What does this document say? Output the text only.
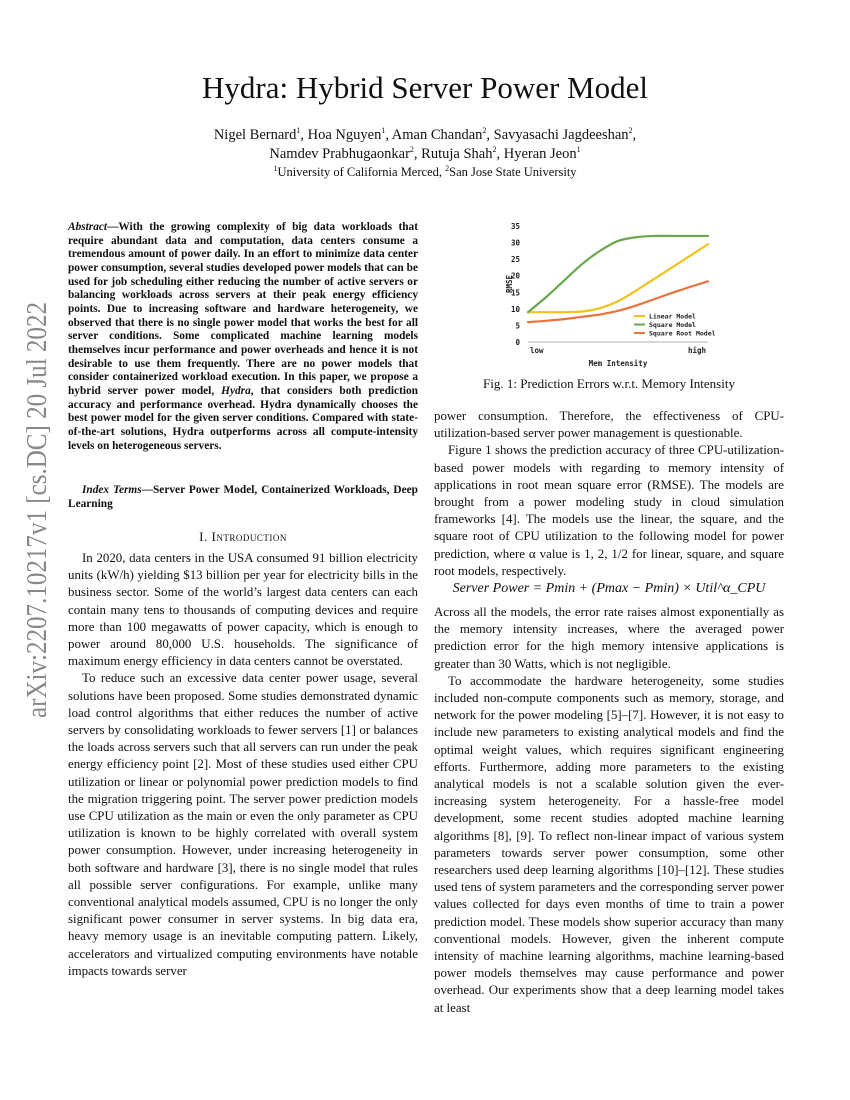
arXiv:2207.10217v1 [cs.DC] 20 Jul 2022
Hydra: Hybrid Server Power Model
Nigel Bernard$^1$, Hoa Nguyen$^1$, Aman Chandan$^2$, Savyasachi Jagdeeshan$^2$,
Namdev Prabhugaonkar$^2$, Rutuja Shah$^2$, Hyeran Jeon$^1$
$^1$University of California Merced, $^2$San Jose State University
Abstract—With the growing complexity of big data workloads that require abundant data and computation, data centers consume a tremendous amount of power daily. In an effort to minimize data center power consumption, several studies developed power models that can be used for job scheduling either reducing the number of active servers or balancing workloads across servers at their peak energy efficiency points. Due to increasing software and hardware heterogeneity, we observed that there is no single power model that works the best for all server conditions. Some complicated machine learning models themselves incur performance and power overheads and hence it is not desirable to use them frequently. There are no power models that consider containerized workload execution. In this paper, we propose a hybrid server power model, Hydra, that considers both prediction accuracy and performance overhead. Hydra dynamically chooses the best power model for the given server conditions. Compared with state-of-the-art solutions, Hydra outperforms across all compute-intensity levels on heterogeneous servers.
Index Terms—Server Power Model, Containerized Workloads, Deep Learning
I. Introduction

In 2020, data centers in the USA consumed 91 billion electricity units (kW/h) yielding $13 billion per year for electricity bills in the business sector. Some of the world’s largest data centers can each contain many tens to thousands of computing devices and require more than 100 megawatts of power capacity, which is enough to power around 80,000 U.S. households. The significance of maximum energy efficiency in data centers cannot be overstated.

To reduce such an excessive data center power usage, several solutions have been proposed. Some studies demonstrated dynamic load control algorithms that either reduces the number of active servers by consolidating workloads to fewer servers [1] or balances the loads across servers such that all servers can run under the peak energy efficiency point [2]. Most of these studies used either CPU utilization or linear or polynomial power prediction models to find the migration triggering point. The server power prediction models use CPU utilization as the main or even the only parameter as CPU utilization is known to be highly correlated with overall system power consumption. However, under increasing heterogeneity in both software and hardware [3], there is no single model that rules all possible server configurations. For example, unlike many conventional analytical models assumed, CPU is no longer the only significant power consumer in server systems. In big data era, heavy memory usage is an inevitable computing pattern. Likely, accelerators and virtualized computing environments have notable impacts towards server

0
5
10
15
20
25
30
35
low	high
Mem Intensity
RMSE
Linear Model
Square Model
Square Root Model
Fig. 1: Prediction Errors w.r.t. Memory Intensity

power consumption. Therefore, the effectiveness of CPU-utilization-based server power management is questionable.

Figure 1 shows the prediction accuracy of three CPU-utilization-based power models with regarding to memory intensity of applications in root mean square error (RMSE). The models are brought from a power modeling study in cloud simulation frameworks [4]. The models use the linear, the square, and the square root of CPU utilization to the following model for power prediction, where α value is 1, 2, 1/2 for linear, square, and square root models, respectively.

Server Power = Pmin + (Pmax − Pmin) × Util^α_CPU

Across all the models, the error rate raises almost exponentially as the memory intensity increases, where the averaged power prediction error for the high memory intensive applications is greater than 30 Watts, which is not negligible.

To accommodate the hardware heterogeneity, some studies included non-compute components such as memory, storage, and network for the power modeling [5]–[7]. However, it is not easy to include new parameters to existing analytical models and find the optimal weight values, which requires significant engineering efforts. Furthermore, adding more parameters to the existing analytical models is not a scalable solution given the ever-increasing system heterogeneity. For a hassle-free model development, some recent studies adopted machine learning algorithms [8], [9]. To reflect non-linear impact of various system parameters towards server power consumption, some other researchers used deep learning algorithms [10]–[12]. These studies used tens of system parameters and the corresponding server power values collected for days even months of time to train a power prediction model. These models show superior accuracy than many conventional models. However, given the inherent compute intensity of machine learning algorithms, machine learning-based power models themselves may cause performance and power overhead. Our experiments show that a deep learning model takes at least
